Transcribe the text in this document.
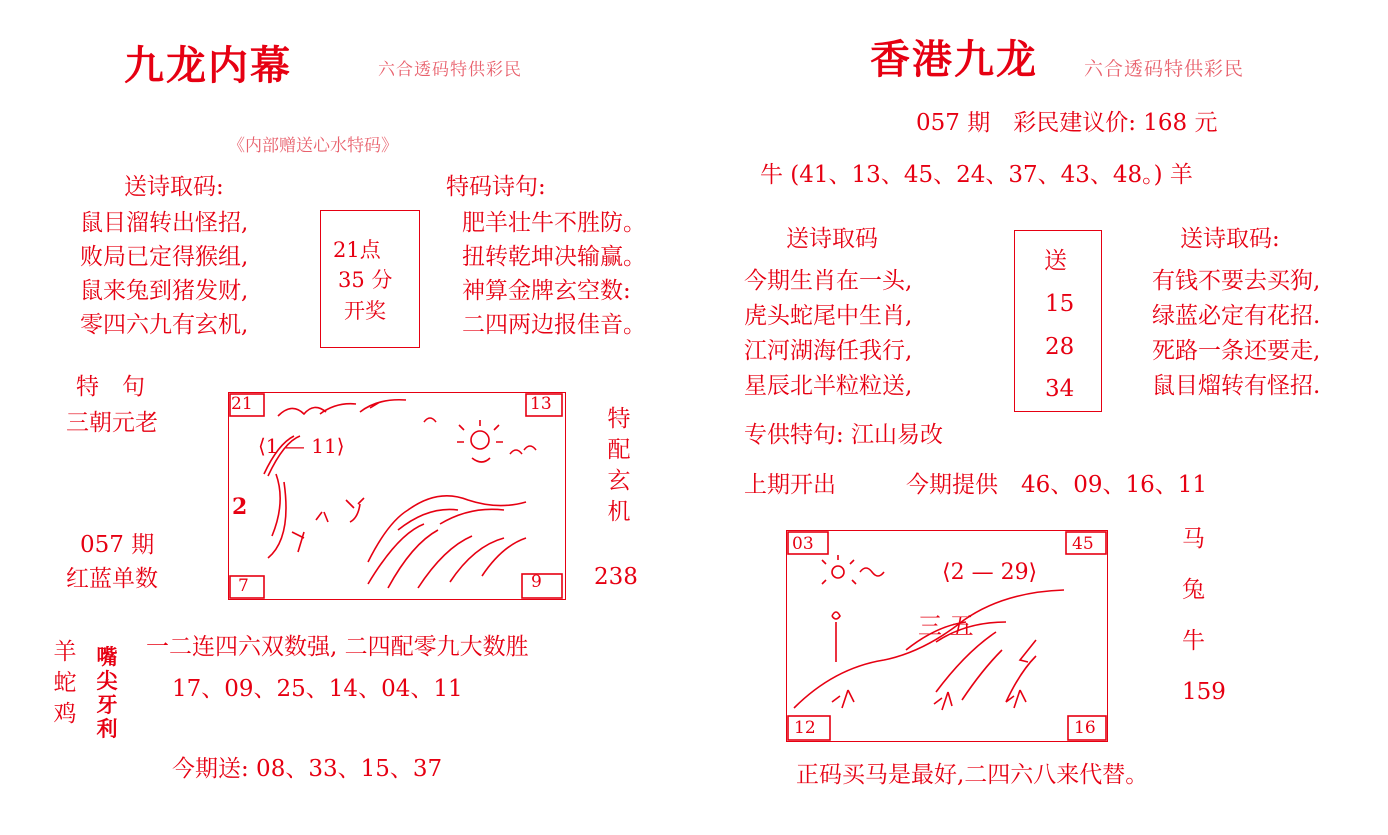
九龙内幕	六合透码特供彩民
《内部赠送心水特码》
送诗取码:
鼠目溜转出怪招,
败局已定得猴组,
鼠来兔到猪发财,
零四六九有玄机,
21点
35 分
开奖
特码诗句:
肥羊壮牛不胜防。
扭转乾坤决输赢。
神算金牌玄空数:
二四两边报佳音。
特　句
三朝元老
21	13
7	9
2
⟨1 — 11⟩
特配玄机
057 期
红蓝单数	238
羊蛇鸡
嘴尖牙利
一二连四六双数强, 二四配零九大数胜
17、09、25、14、04、11
今期送: 08、33、15、37
香港九龙 六合透码特供彩民
057 期　彩民建议价: 168 元
牛 (41、13、45、24、37、43、48。) 羊
送诗取码
今期生肖在一头,
虎头蛇尾中生肖,
江河湖海任我行,
星辰北半粒粒送,
送
15
28
34
送诗取码:
有钱不要去买狗,
绿蓝必定有花招.
死路一条还要走,
鼠目熘转有怪招.
专供特句: 江山易改
上期开出	今期提供　46、09、16、11
03	45
12	16
⟨2 — 29⟩
三 五
马
兔
牛
159
正码买马是最好,二四六八来代替。
